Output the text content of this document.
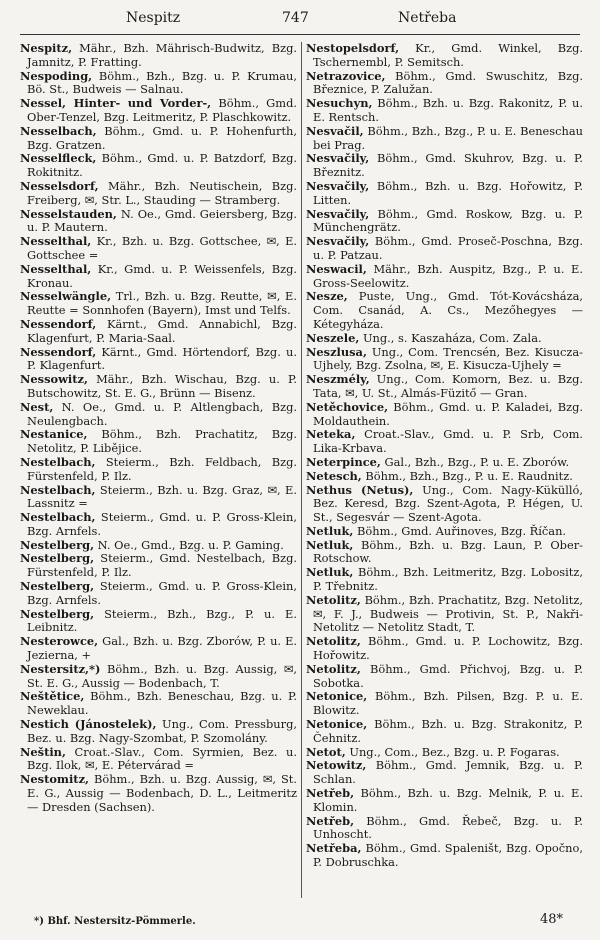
Nespitz	747	Netřeba

Nespitz, Mähr., Bzh. Mährisch-Budwitz, Bzg. Jamnitz, P. Fratting.

Nespoding, Böhm., Bzh., Bzg. u. P. Krumau, Bö. St., Budweis — Salnau.

Nessel, Hinter- und Vorder-, Böhm., Gmd. Ober-Tenzel, Bzg. Leitmeritz, P. Plaschkowitz.

Nesselbach, Böhm., Gmd. u. P. Hohenfurth, Bzg. Gratzen.

Nesselfleck, Böhm., Gmd. u. P. Batzdorf, Bzg. Rokitnitz.

Nesselsdorf, Mähr., Bzh. Neutischein, Bzg. Freiberg, ✉, Str. L., Stauding — Stramberg.

Nesselstauden, N. Oe., Gmd. Geiersberg, Bzg. u. P. Mautern.

Nesselthal, Kr., Bzh. u. Bzg. Gottschee, ✉, E. Gottschee =

Nesselthal, Kr., Gmd. u. P. Weissenfels, Bzg. Kronau.

Nesselwängle, Trl., Bzh. u. Bzg. Reutte, ✉, E. Reutte = Sonnhofen (Bayern), Imst und Telfs.

Nessendorf, Kärnt., Gmd. Annabichl, Bzg. Klagenfurt, P. Maria-Saal.

Nessendorf, Kärnt., Gmd. Hörtendorf, Bzg. u. P. Klagenfurt.

Nessowitz, Mähr., Bzh. Wischau, Bzg. u. P. Butschowitz, St. E. G., Brünn — Bisenz.

Nest, N. Oe., Gmd. u. P. Altlengbach, Bzg. Neulengbach.

Nestanice, Böhm., Bzh. Prachatitz, Bzg. Netolitz, P. Libějice.

Nestelbach, Steierm., Bzh. Feldbach, Bzg. Fürstenfeld, P. Ilz.

Nestelbach, Steierm., Bzh. u. Bzg. Graz, ✉, E. Lassnitz =

Nestelbach, Steierm., Gmd. u. P. Gross-Klein, Bzg. Arnfels.

Nestelberg, N. Oe., Gmd., Bzg. u. P. Gaming.

Nestelberg, Steierm., Gmd. Nestelbach, Bzg. Fürstenfeld, P. Ilz.

Nestelberg, Steierm., Gmd. u. P. Gross-Klein, Bzg. Arnfels.

Nestelberg, Steierm., Bzh., Bzg., P. u. E. Leibnitz.

Nesterowce, Gal., Bzh. u. Bzg. Zborów, P. u. E. Jezierna, +

Nestersitz,*) Böhm., Bzh. u. Bzg. Aussig, ✉, St. E. G., Aussig — Bodenbach, T.

Neštětice, Böhm., Bzh. Beneschau, Bzg. u. P. Neweklau.

Nestich (Jánostelek), Ung., Com. Pressburg, Bez. u. Bzg. Nagy-Szombat, P. Szomolány.

Neštin, Croat.-Slav., Com. Syrmien, Bez. u. Bzg. Ilok, ✉, E. Pétervárad =

Nestomitz, Böhm., Bzh. u. Bzg. Aussig, ✉, St. E. G., Aussig — Bodenbach, D. L., Leitmeritz — Dresden (Sachsen).

Nestopelsdorf, Kr., Gmd. Winkel, Bzg. Tschernembl, P. Semitsch.

Netrazovice, Böhm., Gmd. Swuschitz, Bzg. Březnice, P. Zalužan.

Nesuchyn, Böhm., Bzh. u. Bzg. Rakonitz, P. u. E. Rentsch.

Nesvačil, Böhm., Bzh., Bzg., P. u. E. Beneschau bei Prag.

Nesvačily, Böhm., Gmd. Skuhrov, Bzg. u. P. Březnitz.

Nesvačily, Böhm., Bzh. u. Bzg. Hořowitz, P. Litten.

Nesvačily, Böhm., Gmd. Roskow, Bzg. u. P. Münchengrätz.

Nesvačily, Böhm., Gmd. Proseč-Poschna, Bzg. u. P. Patzau.

Neswacil, Mähr., Bzh. Auspitz, Bzg., P. u. E. Gross-Seelowitz.

Nesze, Puste, Ung., Gmd. Tót-Kovácsháza, Com. Csanád, A. Cs., Mezőhegyes — Kétegyháza.

Neszele, Ung., s. Kaszaháza, Com. Zala.

Neszlusa, Ung., Com. Trencsén, Bez. Kisucza-Ujhely, Bzg. Zsolna, ✉, E. Kisucza-Ujhely =

Neszmély, Ung., Com. Komorn, Bez. u. Bzg. Tata, ✉, U. St., Almás-Füzitő — Gran.

Netěchovice, Böhm., Gmd. u. P. Kaladei, Bzg. Moldauthein.

Neteka, Croat.-Slav., Gmd. u. P. Srb, Com. Lika-Krbava.

Neterpince, Gal., Bzh., Bzg., P. u. E. Zborów.

Netesch, Böhm., Bzh., Bzg., P. u. E. Raudnitz.

Nethus (Netus), Ung., Com. Nagy-Kükülló, Bez. Keresd, Bzg. Szent-Agota, P. Hégen, U. St., Segesvár — Szent-Agota.

Netluk, Böhm., Gmd. Auřinoves, Bzg. Říčan.

Netluk, Böhm., Bzh. u. Bzg. Laun, P. Ober-Rotschow.

Netluk, Böhm., Bzh. Leitmeritz, Bzg. Lobositz, P. Třebnitz.

Netolitz, Böhm., Bzh. Prachatitz, Bzg. Netolitz, ✉, F. J., Budweis — Protivin, St. P., Nakři-Netolitz — Netolitz Stadt, T.

Netolitz, Böhm., Gmd. u. P. Lochowitz, Bzg. Hořowitz.

Netolitz, Böhm., Gmd. Přichvoj, Bzg. u. P. Sobotka.

Netonice, Böhm., Bzh. Pilsen, Bzg. P. u. E. Blowitz.

Netonice, Böhm., Bzh. u. Bzg. Strakonitz, P. Čehnitz.

Netot, Ung., Com., Bez., Bzg. u. P. Fogaras.

Netowitz, Böhm., Gmd. Jemnik, Bzg. u. P. Schlan.

Netřeb, Böhm., Bzh. u. Bzg. Melnik, P. u. E. Klomin.

Netřeb, Böhm., Gmd. Řebeč, Bzg. u. P. Unhoscht.

Netřeba, Böhm., Gmd. Spaleništ, Bzg. Opočno, P. Dobruschka.

*) Bhf. Nestersitz-Pömmerle.	48*
